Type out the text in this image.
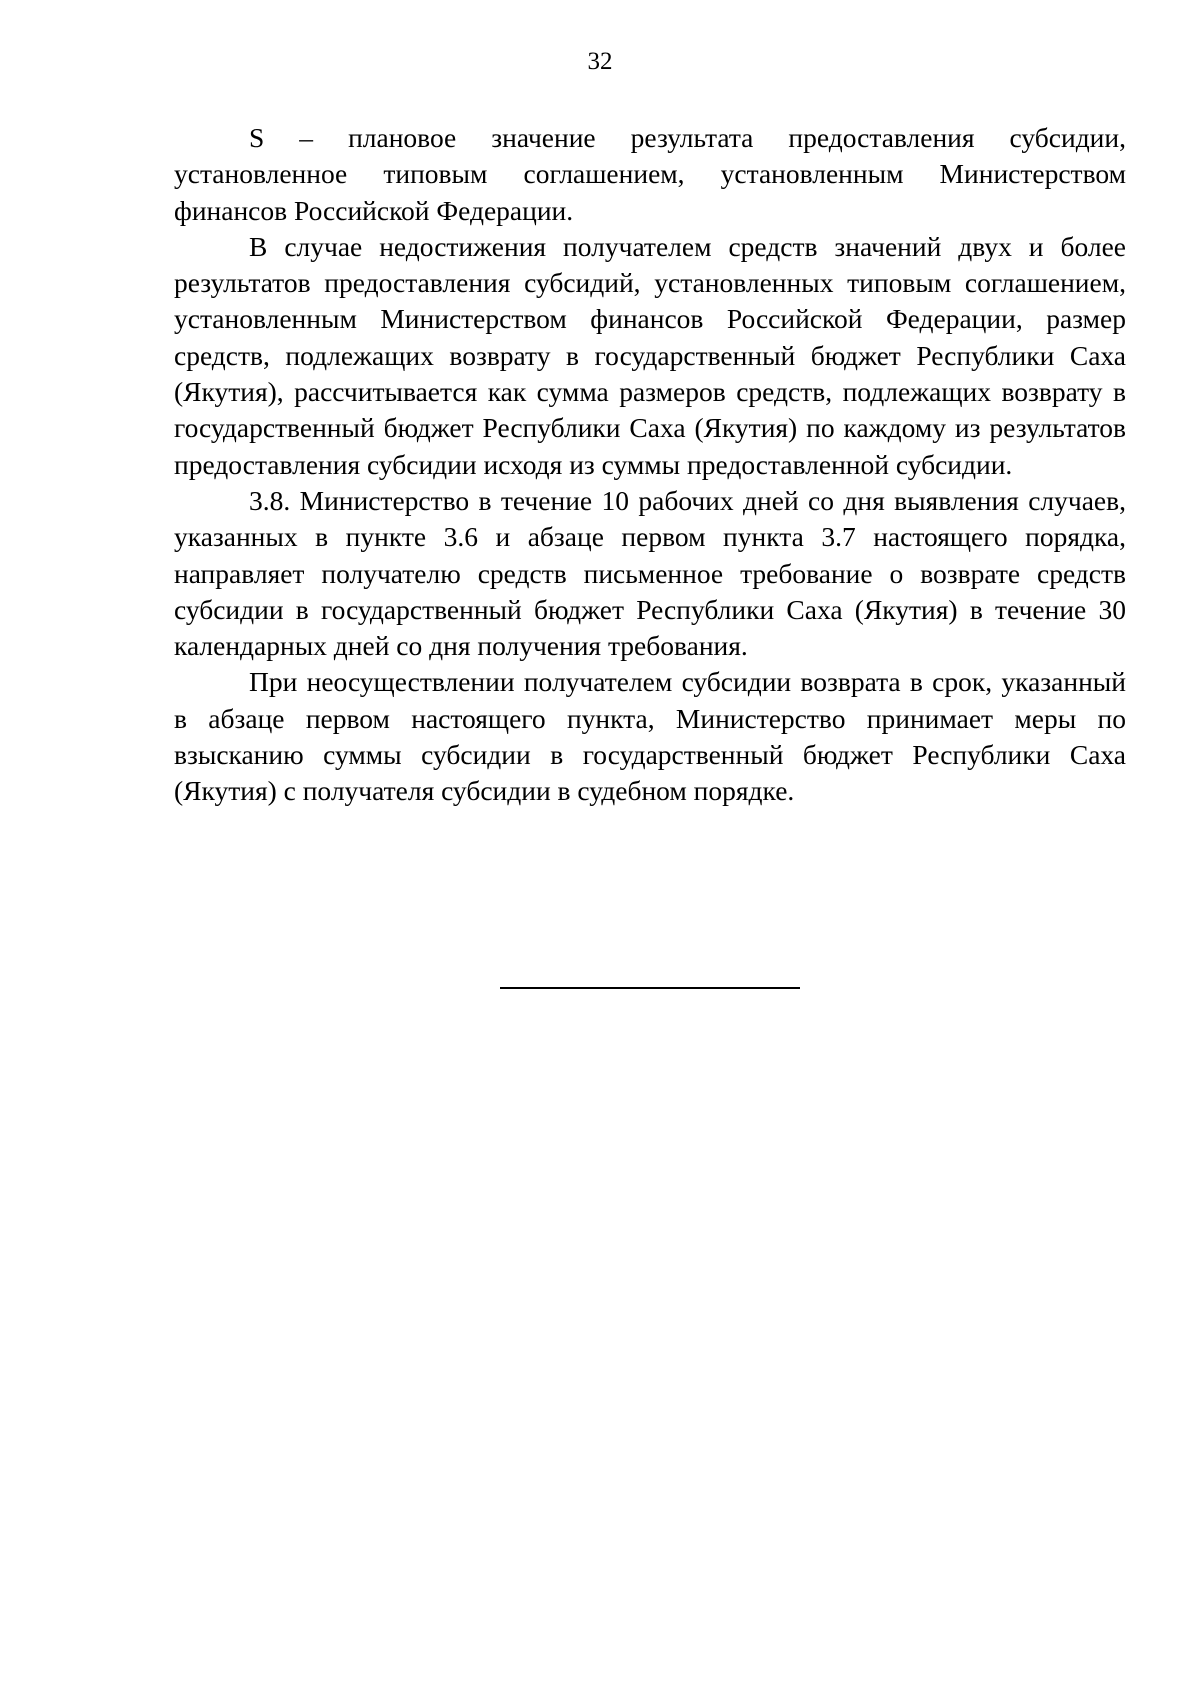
32

S – плановое значение результата предоставления субсидии, установленное типовым соглашением, установленным Министерством финансов Российской Федерации.

В случае недостижения получателем средств значений двух и более результатов предоставления субсидий, установленных типовым соглашением, установленным Министерством финансов Российской Федерации, размер средств, подлежащих возврату в государственный бюджет Республики Саха (Якутия), рассчитывается как сумма размеров средств, подлежащих возврату в государственный бюджет Республики Саха (Якутия) по каждому из результатов предоставления субсидии исходя из суммы предоставленной субсидии.

3.8. Министерство в течение 10 рабочих дней со дня выявления случаев, указанных в пункте 3.6 и абзаце первом пункта 3.7 настоящего порядка, направляет получателю средств письменное требование о возврате средств субсидии в государственный бюджет Республики Саха (Якутия) в течение 30 календарных дней со дня получения требования.

При неосуществлении получателем субсидии возврата в срок, указанный в абзаце первом настоящего пункта, Министерство принимает меры по взысканию суммы субсидии в государственный бюджет Республики Саха (Якутия) с получателя субсидии в судебном порядке.
